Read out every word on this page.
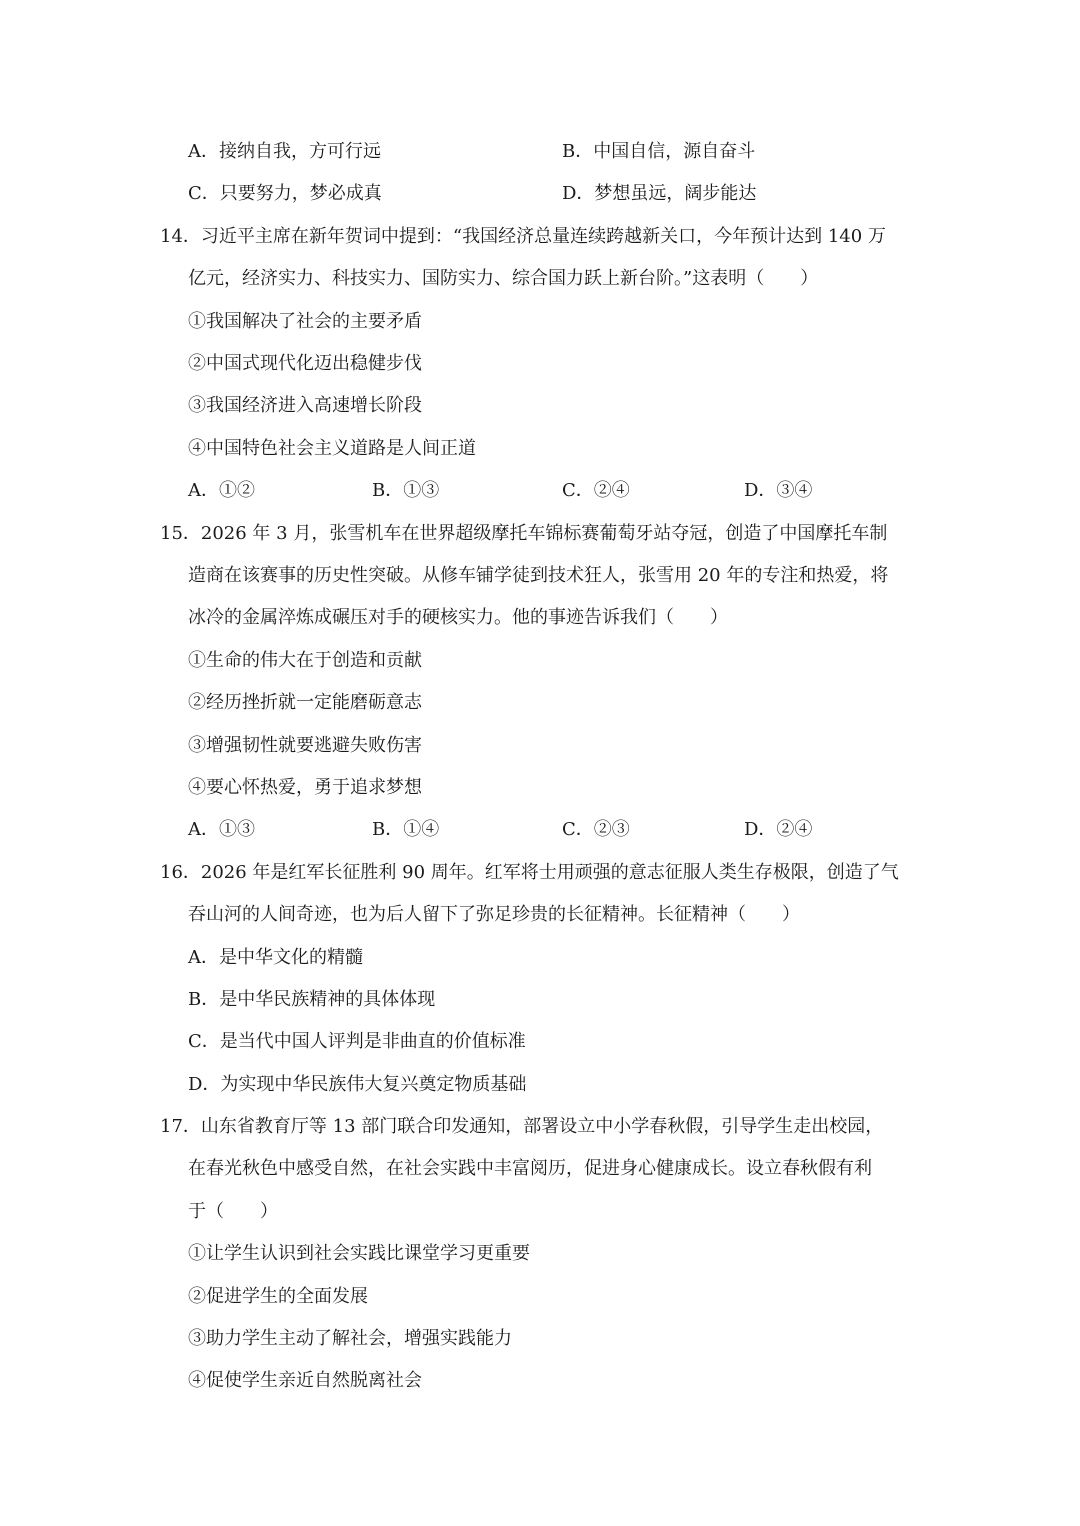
A．接纳自我，方可行远	B．中国自信，源自奋斗
C．只要努力，梦必成真	D．梦想虽远，阔步能达
14．习近平主席在新年贺词中提到：“我国经济总量连续跨越新关口，今年预计达到 140 万
亿元，经济实力、科技实力、国防实力、综合国力跃上新台阶。”这表明（　　）
①我国解决了社会的主要矛盾
②中国式现代化迈出稳健步伐
③我国经济进入高速增长阶段
④中国特色社会主义道路是人间正道
A．①②	B．①③	C．②④	D．③④
15．2026 年 3 月，张雪机车在世界超级摩托车锦标赛葡萄牙站夺冠，创造了中国摩托车制
造商在该赛事的历史性突破。从修车铺学徒到技术狂人，张雪用 20 年的专注和热爱，将
冰冷的金属淬炼成碾压对手的硬核实力。他的事迹告诉我们（　　）
①生命的伟大在于创造和贡献
②经历挫折就一定能磨砺意志
③增强韧性就要逃避失败伤害
④要心怀热爱，勇于追求梦想
A．①③	B．①④	C．②③	D．②④
16．2026 年是红军长征胜利 90 周年。红军将士用顽强的意志征服人类生存极限，创造了气
吞山河的人间奇迹，也为后人留下了弥足珍贵的长征精神。长征精神（　　）
A．是中华文化的精髓
B．是中华民族精神的具体体现
C．是当代中国人评判是非曲直的价值标准
D．为实现中华民族伟大复兴奠定物质基础
17．山东省教育厅等 13 部门联合印发通知，部署设立中小学春秋假，引导学生走出校园，
在春光秋色中感受自然，在社会实践中丰富阅历，促进身心健康成长。设立春秋假有利
于（　　）
①让学生认识到社会实践比课堂学习更重要
②促进学生的全面发展
③助力学生主动了解社会，增强实践能力
④促使学生亲近自然脱离社会
